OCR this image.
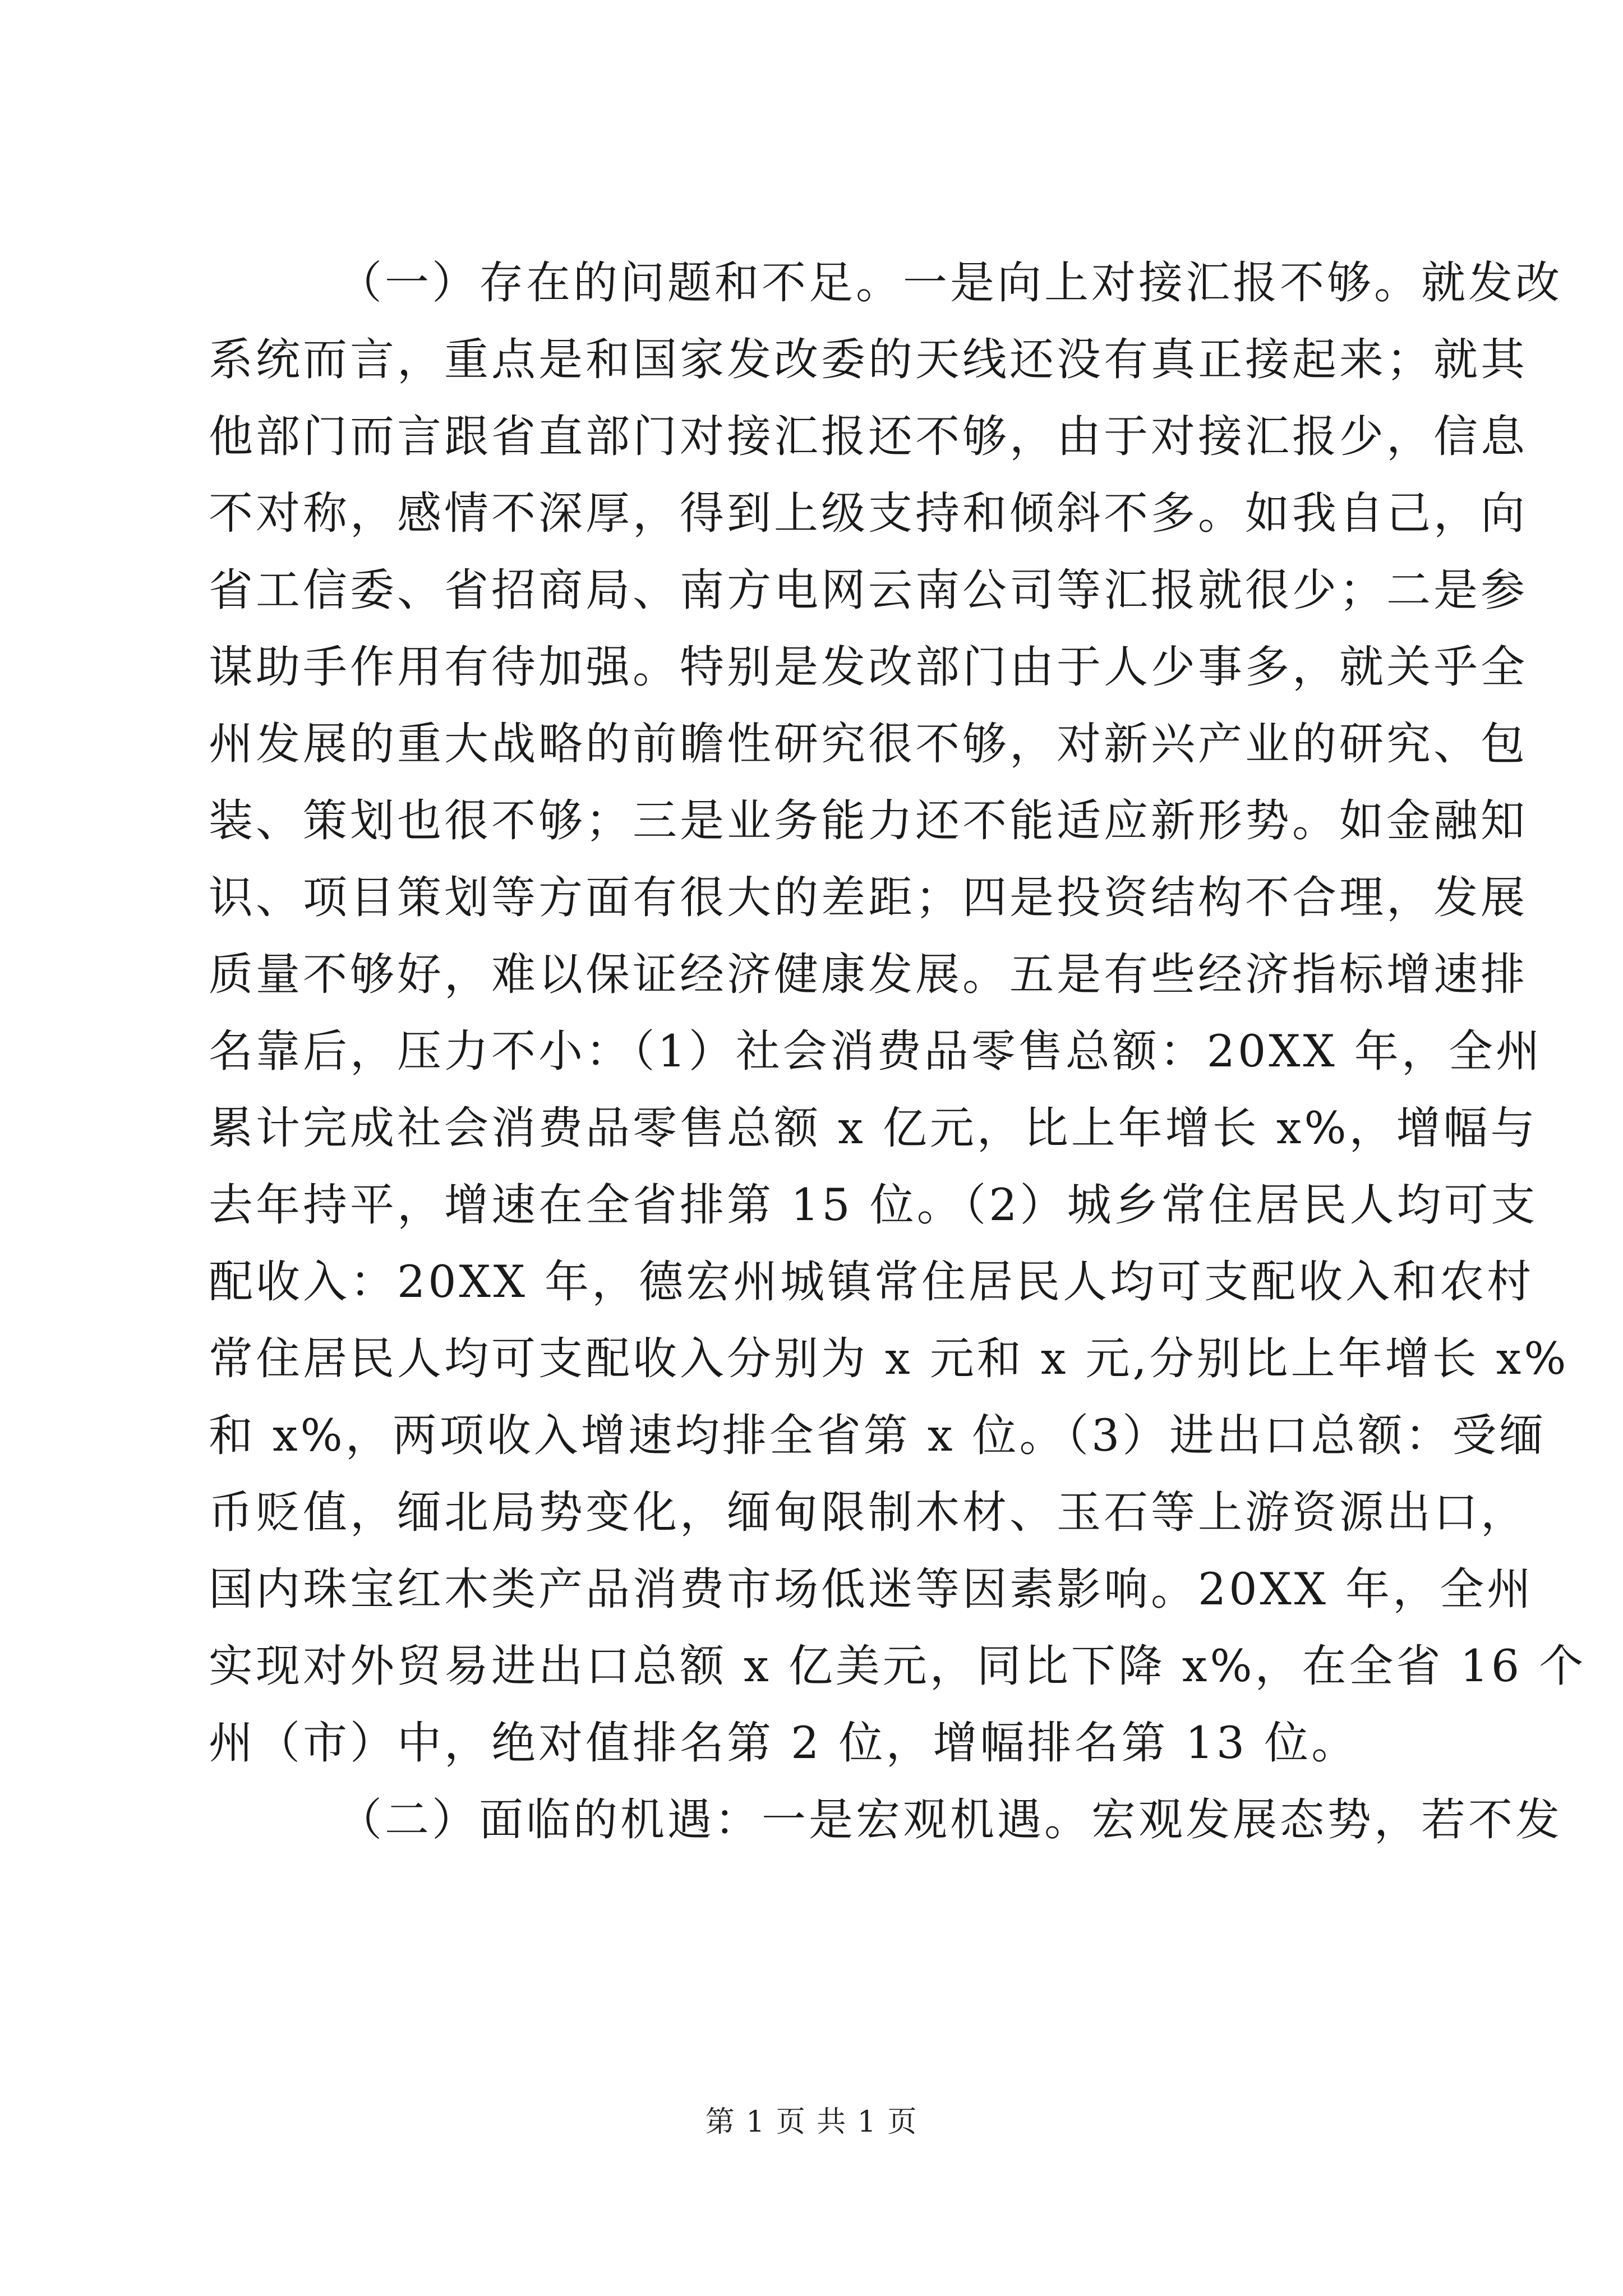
（一）存在的问题和不足。一是向上对接汇报不够。就发改
系统而言，重点是和国家发改委的天线还没有真正接起来；就其
他部门而言跟省直部门对接汇报还不够，由于对接汇报少，信息
不对称，感情不深厚，得到上级支持和倾斜不多。如我自己，向
省工信委、省招商局、南方电网云南公司等汇报就很少；二是参
谋助手作用有待加强。特别是发改部门由于人少事多，就关乎全
州发展的重大战略的前瞻性研究很不够，对新兴产业的研究、包
装、策划也很不够；三是业务能力还不能适应新形势。如金融知
识、项目策划等方面有很大的差距；四是投资结构不合理，发展
质量不够好，难以保证经济健康发展。五是有些经济指标增速排
名靠后，压力不小：（1）社会消费品零售总额：20XX 年，全州
累计完成社会消费品零售总额 x 亿元，比上年增长 x%，增幅与
去年持平，增速在全省排第 15 位。（2）城乡常住居民人均可支
配收入：20XX 年，德宏州城镇常住居民人均可支配收入和农村
常住居民人均可支配收入分别为 x 元和 x 元,分别比上年增长 x%
和 x%，两项收入增速均排全省第 x 位。（3）进出口总额：受缅
币贬值，缅北局势变化，缅甸限制木材、玉石等上游资源出口，
国内珠宝红木类产品消费市场低迷等因素影响。20XX 年，全州
实现对外贸易进出口总额 x 亿美元，同比下降 x%，在全省 16 个
州（市）中，绝对值排名第 2 位，增幅排名第 13 位。
（二）面临的机遇：一是宏观机遇。宏观发展态势，若不发
第 1 页 共 1 页
